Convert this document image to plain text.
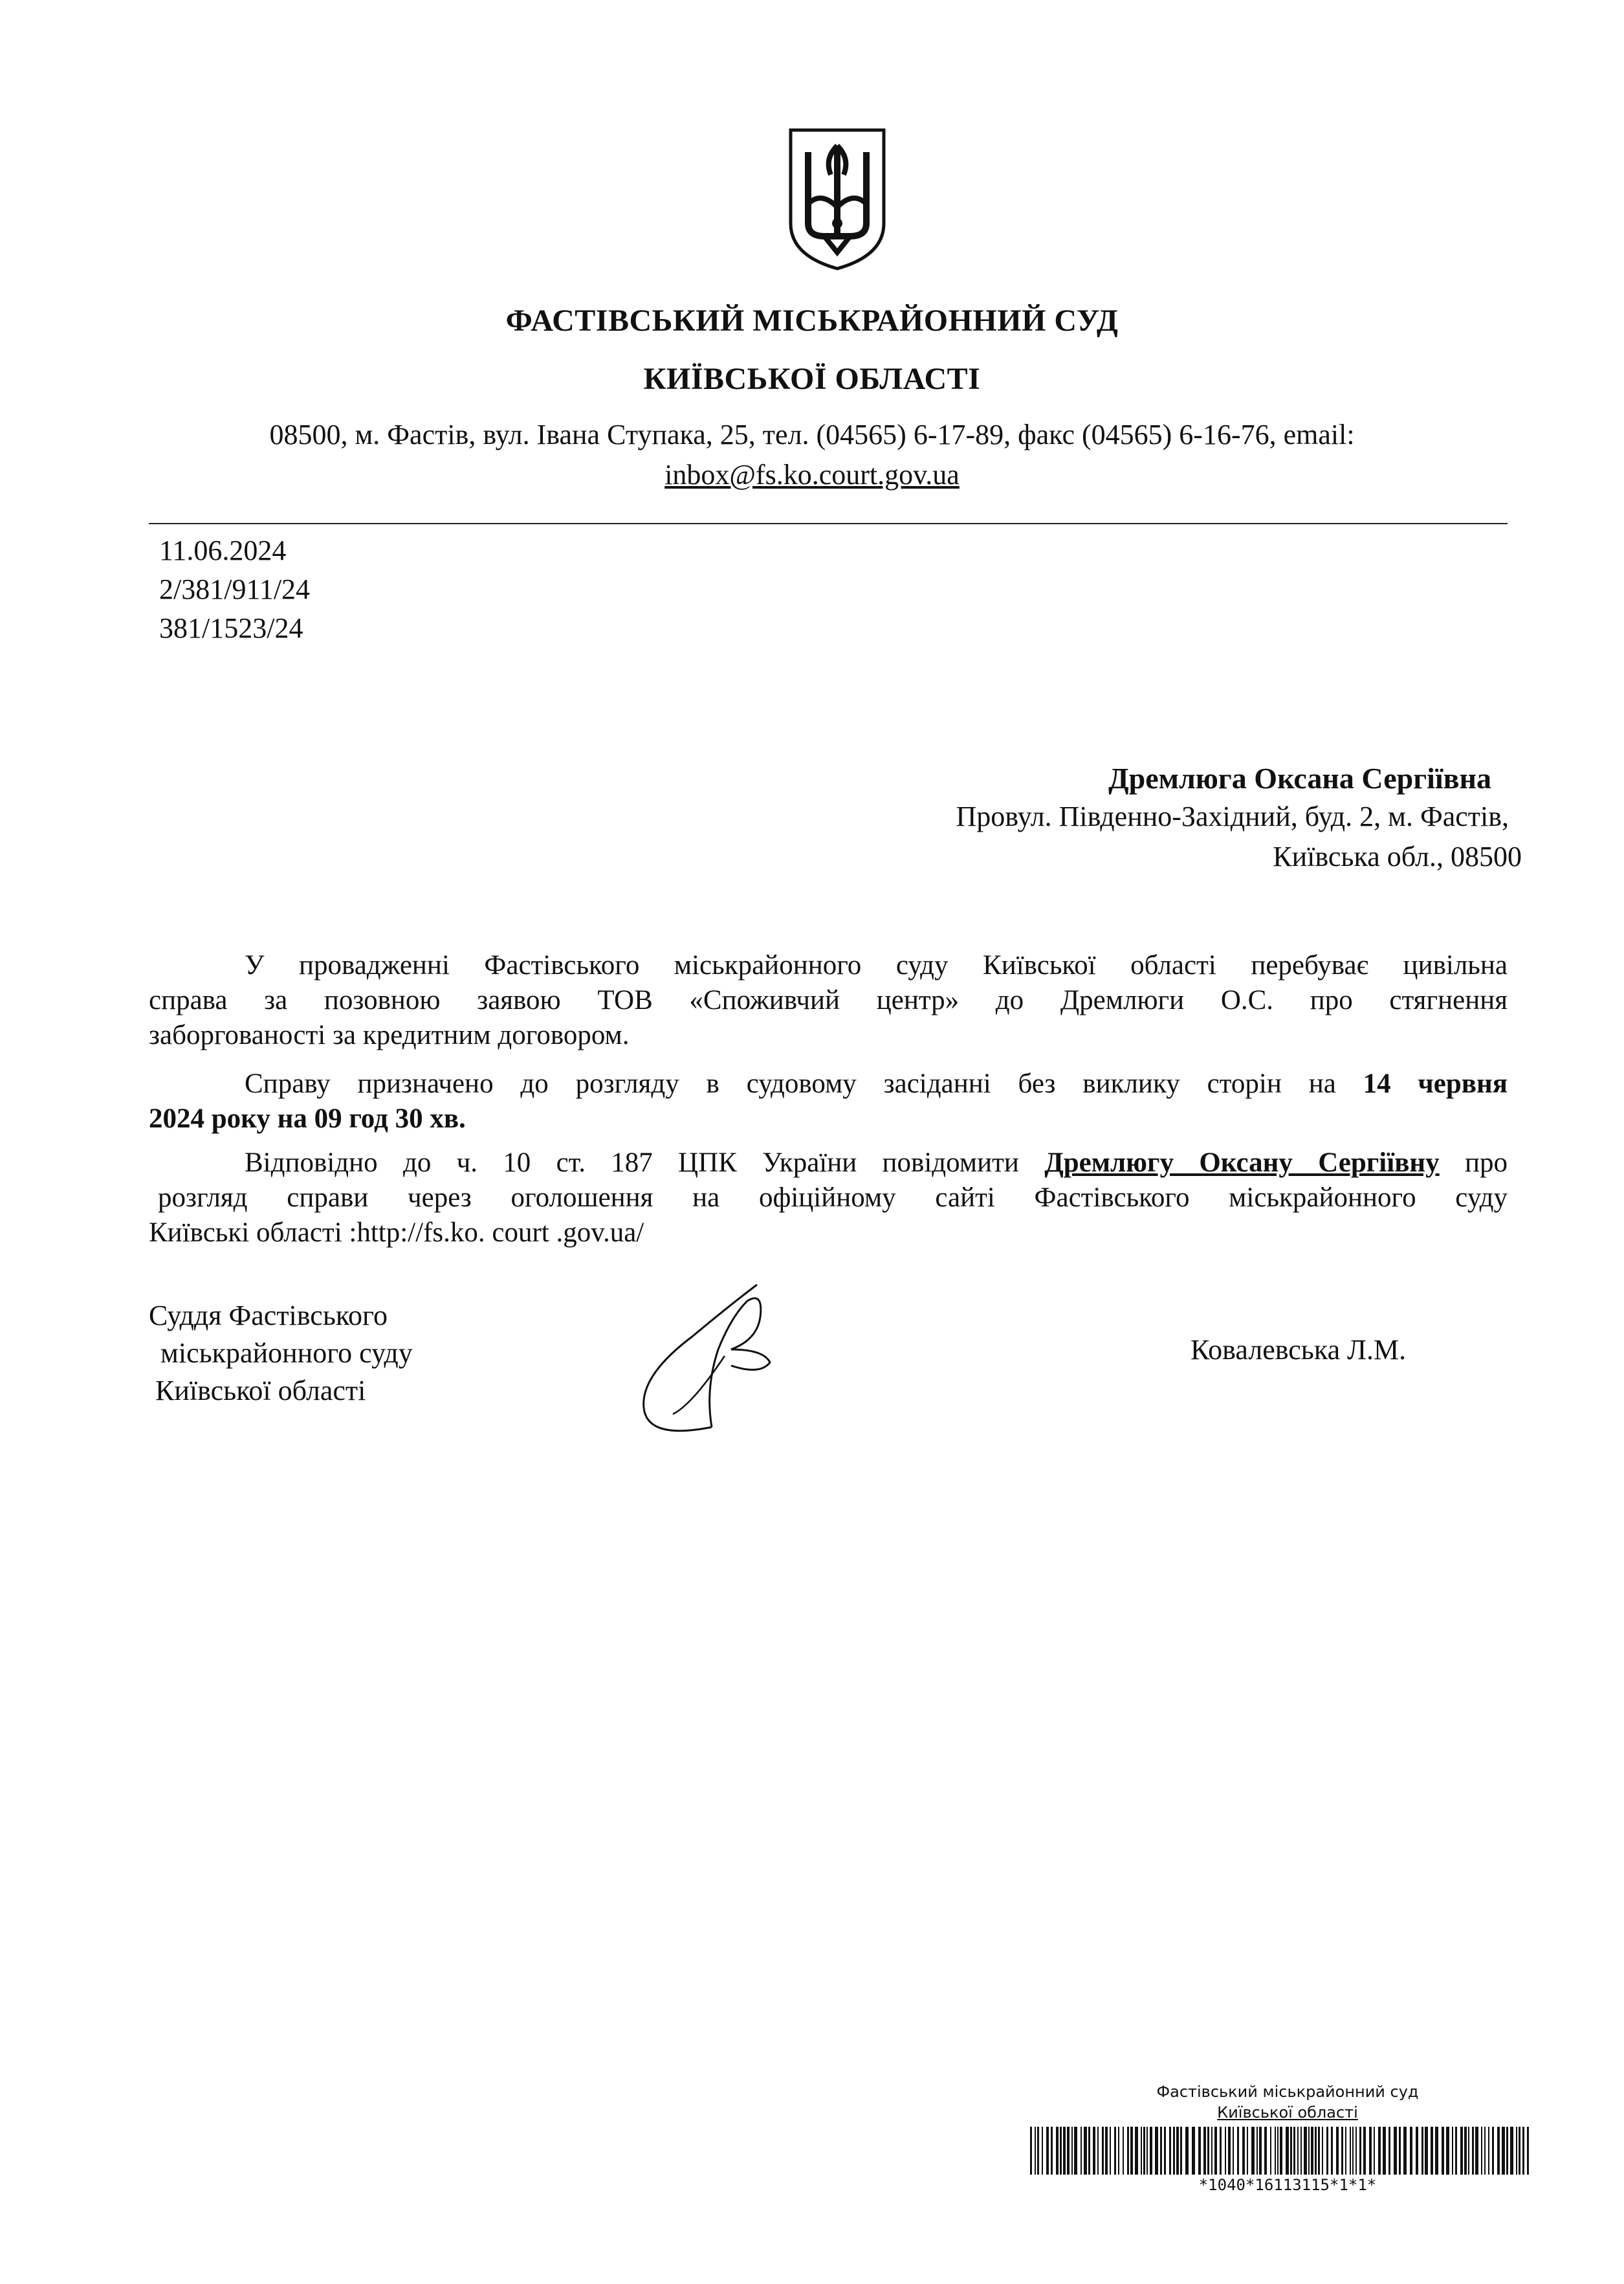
ФАСТІВСЬКИЙ МІСЬКРАЙОННИЙ СУД
КИЇВСЬКОЇ ОБЛАСТІ
08500, м. Фастів, вул. Івана Ступака, 25, тел. (04565) 6-17-89, факс (04565) 6-16-76, email:
inbox@fs.ko.court.gov.ua
11.06.2024
2/381/911/24
381/1523/24
Дремлюга Оксана Сергіївна
Провул. Південно-Західний, буд. 2, м. Фастів,
Київська обл., 08500
У провадженні Фастівського міськрайонного суду Київської області перебуває цивільна
справа за позовною заявою ТОВ «Споживчий центр» до Дремлюги О.С. про стягнення
заборгованості за кредитним договором.
Справу призначено до розгляду в судовому засіданні без виклику сторін на 14 червня
2024 року на 09 год 30 хв.
Відповідно до ч. 10 ст. 187 ЦПК України повідомити Дремлюгу Оксану Сергіївну про
розгляд справи через оголошення на офіційному сайті Фастівського міськрайонного суду
Київські області :http://fs.ko. court .gov.ua/
Суддя Фастівського
міськрайонного суду
Київської області
Ковалевська Л.М.
Фастівський міськрайонний суд
Київської області
*1040*16113115*1*1*
